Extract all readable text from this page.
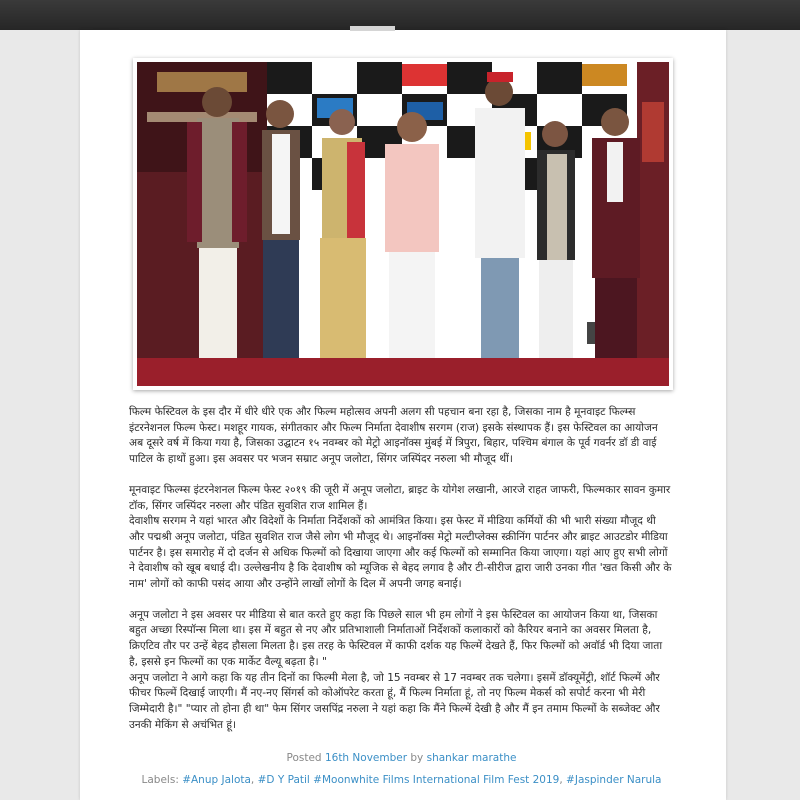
फिल्म फेस्टिवल के इस दौर में धीरे धीरे एक और फिल्म महोत्सव अपनी अलग सी पहचान बना रहा है, जिसका नाम है मूनवाइट फिल्म्स इंटरनेशनल फिल्म फेस्ट। मशहूर गायक, संगीतकार और फिल्म निर्माता देवाशीष सरगम (राज) इसके संस्थापक हैं। इस फेस्टिवल का आयोजन अब दूसरे वर्ष में किया गया है, जिसका उद्घाटन १५ नवम्बर को मेट्रो आइनॉक्स मुंबई में त्रिपुरा, बिहार, पश्चिम बंगाल के पूर्व गवर्नर डॉ डी वाई पाटिल के हाथों हुआ। इस अवसर पर भजन सम्राट अनूप जलोटा, सिंगर जस्पिंदर नरुला भी मौजूद थीं।

मूनवाइट फिल्म्स इंटरनेशनल फिल्म फेस्ट २०१९ की जूरी में अनूप जलोटा, ब्राइट के योगेश लखानी, आरजे राहत जाफरी, फिल्मकार सावन कुमार टॉक, सिंगर जस्पिंदर नरुला और पंडित सुवशित राज शामिल हैं।

देवाशीष सरगम ने यहां भारत और विदेशों के निर्माता निर्देशकों को आमंत्रित किया। इस फेस्ट में मीडिया कर्मियों की भी भारी संख्या मौजूद थी और पद्मश्री अनूप जलोटा, पंडित सुवशित राज जैसे लोग भी मौजूद थे। आइनॉक्स मेट्रो मल्टीप्लेक्स स्क्रीनिंग पार्टनर और ब्राइट आउटडोर मीडिया पार्टनर है। इस समारोह में दो दर्जन से अधिक फिल्मों को दिखाया जाएगा और कई फिल्मों को सम्मानित किया जाएगा। यहां आए हुए सभी लोगों ने देवाशीष को खूब बधाई दी। उल्लेखनीय है कि देवाशीष को म्यूजिक से बेहद लगाव है और टी-सीरीज द्वारा जारी उनका गीत 'खत किसी और के नाम' लोगों को काफी पसंद आया और उन्होंने लाखों लोगों के दिल में अपनी जगह बनाई।

अनूप जलोटा ने इस अवसर पर मीडिया से बात करते हुए कहा कि पिछले साल भी हम लोगों ने इस फेस्टिवल का आयोजन किया था, जिसका बहुत अच्छा रिस्पॉन्स मिला था। इस में बहुत से नए और प्रतिभाशाली निर्माताओं निर्देशकों कलाकारों को कैरियर बनाने का अवसर मिलता है, क्रिएटिव तौर पर उन्हें बेहद हौसला मिलता है। इस तरह के फेस्टिवल में काफी दर्शक यह फिल्में देखते हैं, फिर फिल्मों को अवॉर्ड भी दिया जाता है, इससे इन फिल्मों का एक मार्केट वैल्यू बढ़ता है। "

अनूप जलोटा ने आगे कहा कि यह तीन दिनों का फिल्मी मेला है, जो 15 नवम्बर से 17 नवम्बर तक चलेगा। इसमें डॉक्यूमेंट्री, शॉर्ट फिल्में और फीचर फिल्में दिखाई जाएगी। मैं नए-नए सिंगर्स को कोऑपरेट करता हूं, मैं फिल्म निर्माता हूं, तो नए फिल्म मेकर्स को सपोर्ट करना भी मेरी जिम्मेदारी है।" "प्यार तो होना ही था" फेम सिंगर जसपिंद्र नरुला ने यहां कहा कि मैंने फिल्में देखी है और मैं इन तमाम फिल्मों के सब्जेक्ट और उनकी मेकिंग से अचंभित हूं।

Posted 16th November by shankar marathe
Labels: #Anup Jalota, #D Y Patil #Moonwhite Films International Film Fest 2019, #Jaspinder Narula
